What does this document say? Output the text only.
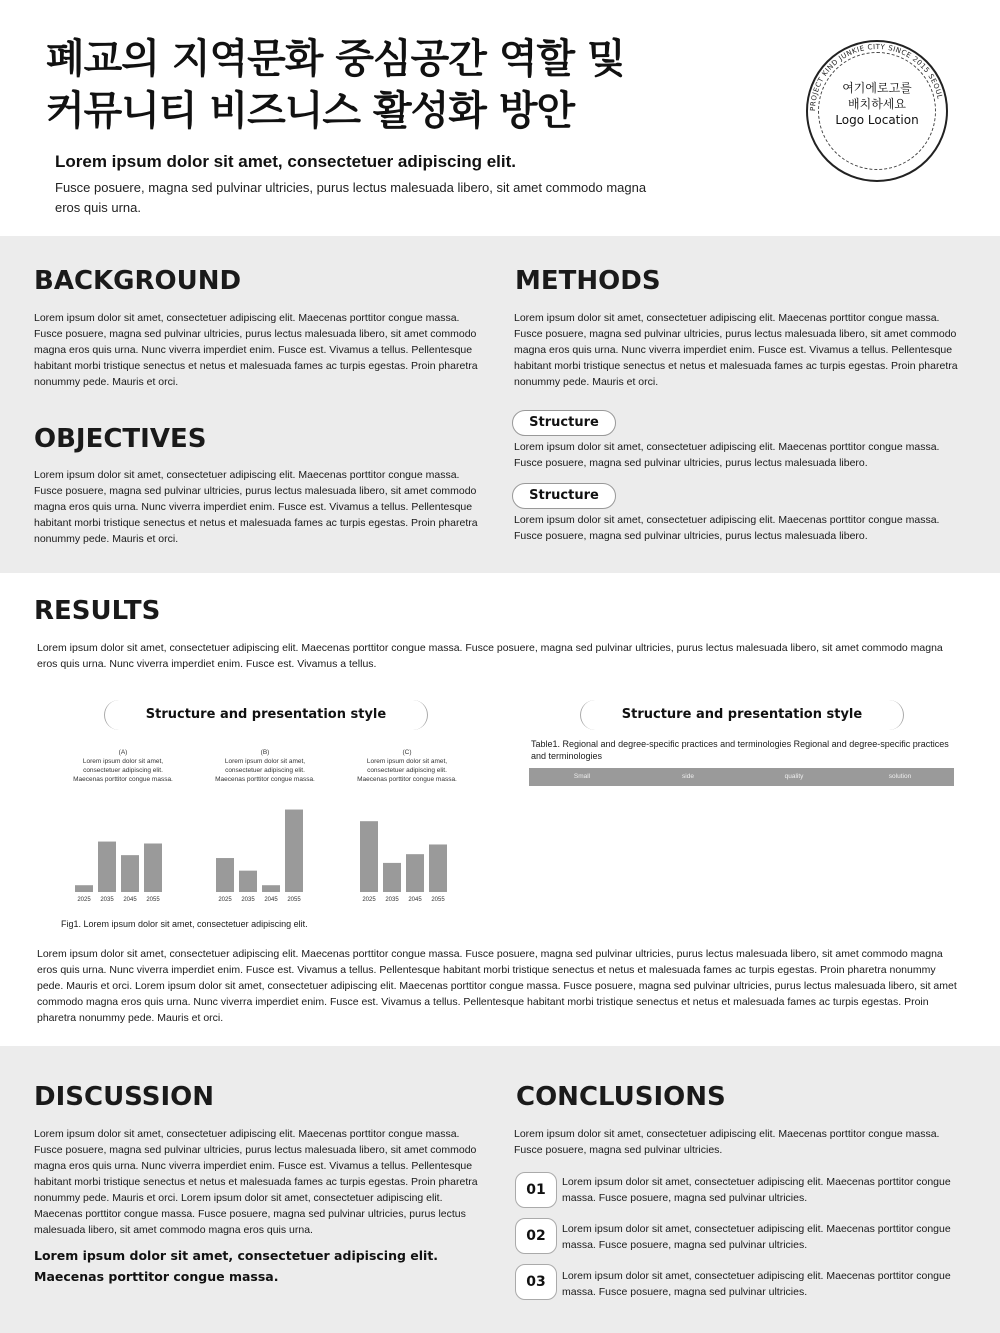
폐교의 지역문화 중심공간 역할 및
커뮤니티 비즈니스 활성화 방안
Lorem ipsum dolor sit amet, consectetuer adipiscing elit.
Fusce posuere, magna sed pulvinar ultricies, purus lectus malesuada libero, sit amet commodo magna eros quis urna.
PROJECT KIND JUNKIE CITY SINCE 2015 SEOUL
여기에로고를
배치하세요
Logo Location
BACKGROUND
Lorem ipsum dolor sit amet, consectetuer adipiscing elit. Maecenas porttitor congue massa. Fusce posuere, magna sed pulvinar ultricies, purus lectus malesuada libero, sit amet commodo magna eros quis urna. Nunc viverra imperdiet enim. Fusce est. Vivamus a tellus. Pellentesque habitant morbi tristique senectus et netus et malesuada fames ac turpis egestas. Proin pharetra nonummy pede. Mauris et orci.
OBJECTIVES
Lorem ipsum dolor sit amet, consectetuer adipiscing elit. Maecenas porttitor congue massa. Fusce posuere, magna sed pulvinar ultricies, purus lectus malesuada libero, sit amet commodo magna eros quis urna. Nunc viverra imperdiet enim. Fusce est. Vivamus a tellus. Pellentesque habitant morbi tristique senectus et netus et malesuada fames ac turpis egestas. Proin pharetra nonummy pede. Mauris et orci.
METHODS
Lorem ipsum dolor sit amet, consectetuer adipiscing elit. Maecenas porttitor congue massa. Fusce posuere, magna sed pulvinar ultricies, purus lectus malesuada libero, sit amet commodo magna eros quis urna. Nunc viverra imperdiet enim. Fusce est. Vivamus a tellus. Pellentesque habitant morbi tristique senectus et netus et malesuada fames ac turpis egestas. Proin pharetra nonummy pede. Mauris et orci.
Structure
Lorem ipsum dolor sit amet, consectetuer adipiscing elit. Maecenas porttitor congue massa. Fusce posuere, magna sed pulvinar ultricies, purus lectus malesuada libero.
Structure
Lorem ipsum dolor sit amet, consectetuer adipiscing elit. Maecenas porttitor congue massa. Fusce posuere, magna sed pulvinar ultricies, purus lectus malesuada libero.
RESULTS
Lorem ipsum dolor sit amet, consectetuer adipiscing elit. Maecenas porttitor congue massa. Fusce posuere, magna sed pulvinar ultricies, purus lectus malesuada libero, sit amet commodo magna eros quis urna. Nunc viverra imperdiet enim. Fusce est. Vivamus a tellus.
Structure and presentation style	Structure and presentation style
(A)
Lorem ipsum dolor sit amet, consectetuer adipiscing elit. Maecenas porttitor congue massa.
(B)
Lorem ipsum dolor sit amet, consectetuer adipiscing elit. Maecenas porttitor congue massa.
(C)
Lorem ipsum dolor sit amet, consectetuer adipiscing elit. Maecenas porttitor congue massa.
2025 2035 2045 2055	2025 2035 2045 2055	2025 2035 2045 2055
Fig1. Lorem ipsum dolor sit amet, consectetuer adipiscing elit.
Table1. Regional and degree-specific practices and terminologies Regional and degree-specific practices and terminologies
Small	side	quality	solution
Lorem ipsum dolor sit amet, consectetuer adipiscing elit. Maecenas porttitor congue massa. Fusce posuere, magna sed pulvinar ultricies, purus lectus malesuada libero, sit amet commodo magna eros quis urna. Nunc viverra imperdiet enim. Fusce est. Vivamus a tellus. Pellentesque habitant morbi tristique senectus et netus et malesuada fames ac turpis egestas. Proin pharetra nonummy pede. Mauris et orci. Lorem ipsum dolor sit amet, consectetuer adipiscing elit. Maecenas porttitor congue massa. Fusce posuere, magna sed pulvinar ultricies, purus lectus malesuada libero, sit amet commodo magna eros quis urna. Nunc viverra imperdiet enim. Fusce est. Vivamus a tellus. Pellentesque habitant morbi tristique senectus et netus et malesuada fames ac turpis egestas. Proin pharetra nonummy pede. Mauris et orci.
DISCUSSION
Lorem ipsum dolor sit amet, consectetuer adipiscing elit. Maecenas porttitor congue massa. Fusce posuere, magna sed pulvinar ultricies, purus lectus malesuada libero, sit amet commodo magna eros quis urna. Nunc viverra imperdiet enim. Fusce est. Vivamus a tellus. Pellentesque habitant morbi tristique senectus et netus et malesuada fames ac turpis egestas. Proin pharetra nonummy pede. Mauris et orci. Lorem ipsum dolor sit amet, consectetuer adipiscing elit. Maecenas porttitor congue massa. Fusce posuere, magna sed pulvinar ultricies, purus lectus malesuada libero, sit amet commodo magna eros quis urna.
Lorem ipsum dolor sit amet, consectetuer adipiscing elit. Maecenas porttitor congue massa.
CONCLUSIONS
Lorem ipsum dolor sit amet, consectetuer adipiscing elit. Maecenas porttitor congue massa. Fusce posuere, magna sed pulvinar ultricies.
01	Lorem ipsum dolor sit amet, consectetuer adipiscing elit. Maecenas porttitor congue massa. Fusce posuere, magna sed pulvinar ultricies.
02	Lorem ipsum dolor sit amet, consectetuer adipiscing elit. Maecenas porttitor congue massa. Fusce posuere, magna sed pulvinar ultricies.
03	Lorem ipsum dolor sit amet, consectetuer adipiscing elit. Maecenas porttitor congue massa. Fusce posuere, magna sed pulvinar ultricies.
